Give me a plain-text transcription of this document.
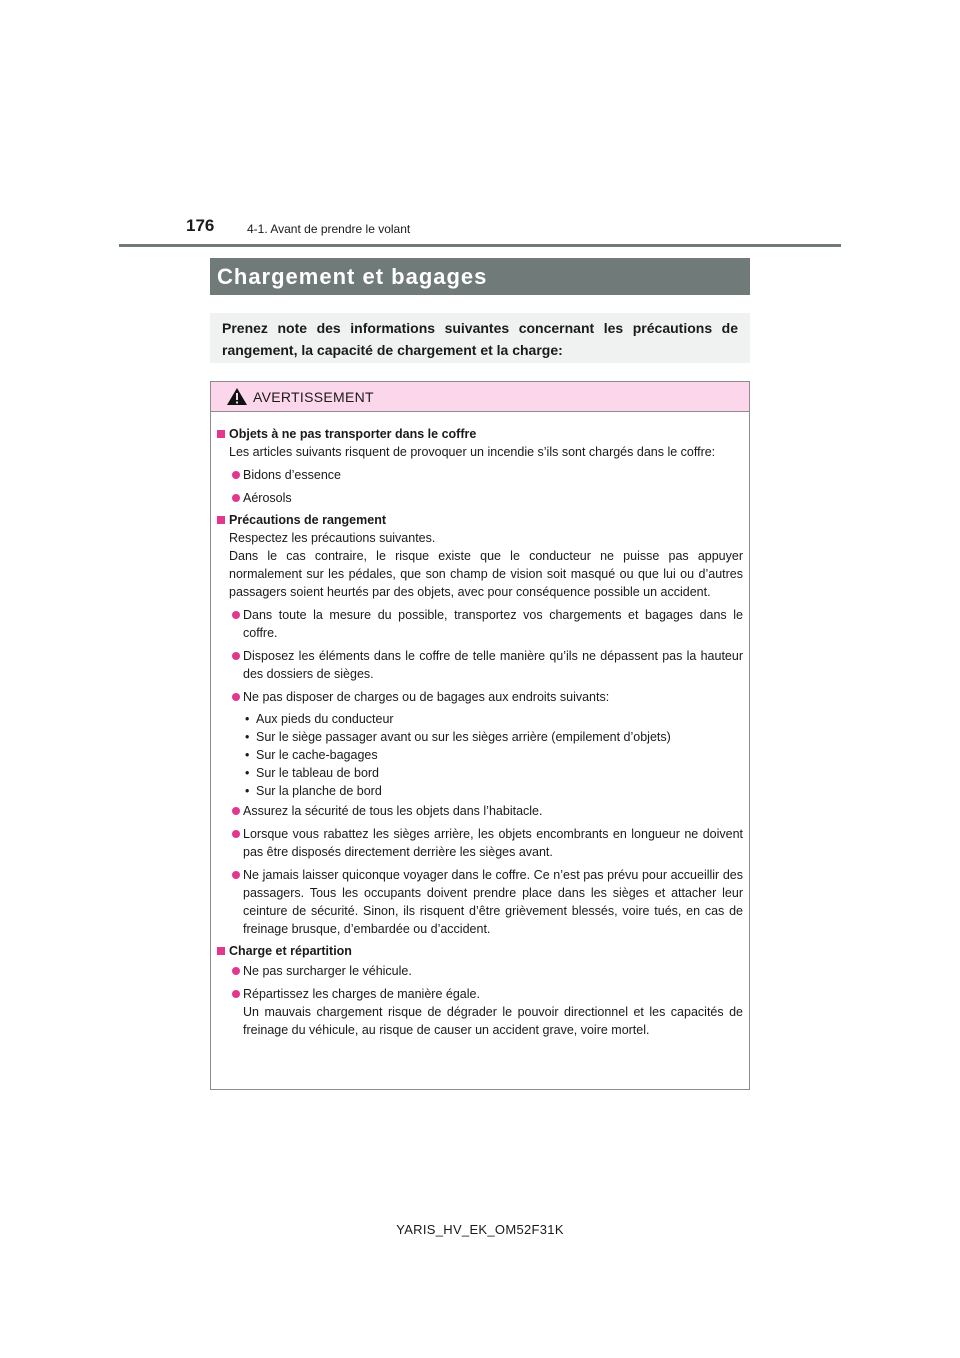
176	4-1. Avant de prendre le volant
Chargement et bagages
Prenez note des informations suivantes concernant les précautions de rangement, la capacité de chargement et la charge:
AVERTISSEMENT
Objets à ne pas transporter dans le coffre
Les articles suivants risquent de provoquer un incendie s’ils sont chargés dans le coffre:
Bidons d’essence
Aérosols
Précautions de rangement
Respectez les précautions suivantes.
Dans le cas contraire, le risque existe que le conducteur ne puisse pas appuyer normalement sur les pédales, que son champ de vision soit masqué ou que lui ou d’autres passagers soient heurtés par des objets, avec pour conséquence possible un accident.
Dans toute la mesure du possible, transportez vos chargements et bagages dans le coffre.
Disposez les éléments dans le coffre de telle manière qu’ils ne dépassent pas la hauteur des dossiers de sièges.
Ne pas disposer de charges ou de bagages aux endroits suivants:
• Aux pieds du conducteur
• Sur le siège passager avant ou sur les sièges arrière (empilement d’objets)
• Sur le cache-bagages
• Sur le tableau de bord
• Sur la planche de bord
Assurez la sécurité de tous les objets dans l’habitacle.
Lorsque vous rabattez les sièges arrière, les objets encombrants en longueur ne doivent pas être disposés directement derrière les sièges avant.
Ne jamais laisser quiconque voyager dans le coffre. Ce n’est pas prévu pour accueillir des passagers. Tous les occupants doivent prendre place dans les sièges et attacher leur ceinture de sécurité. Sinon, ils risquent d’être grièvement blessés, voire tués, en cas de freinage brusque, d’embardée ou d’accident.
Charge et répartition
Ne pas surcharger le véhicule.
Répartissez les charges de manière égale.
Un mauvais chargement risque de dégrader le pouvoir directionnel et les capacités de freinage du véhicule, au risque de causer un accident grave, voire mortel.
YARIS_HV_EK_OM52F31K
